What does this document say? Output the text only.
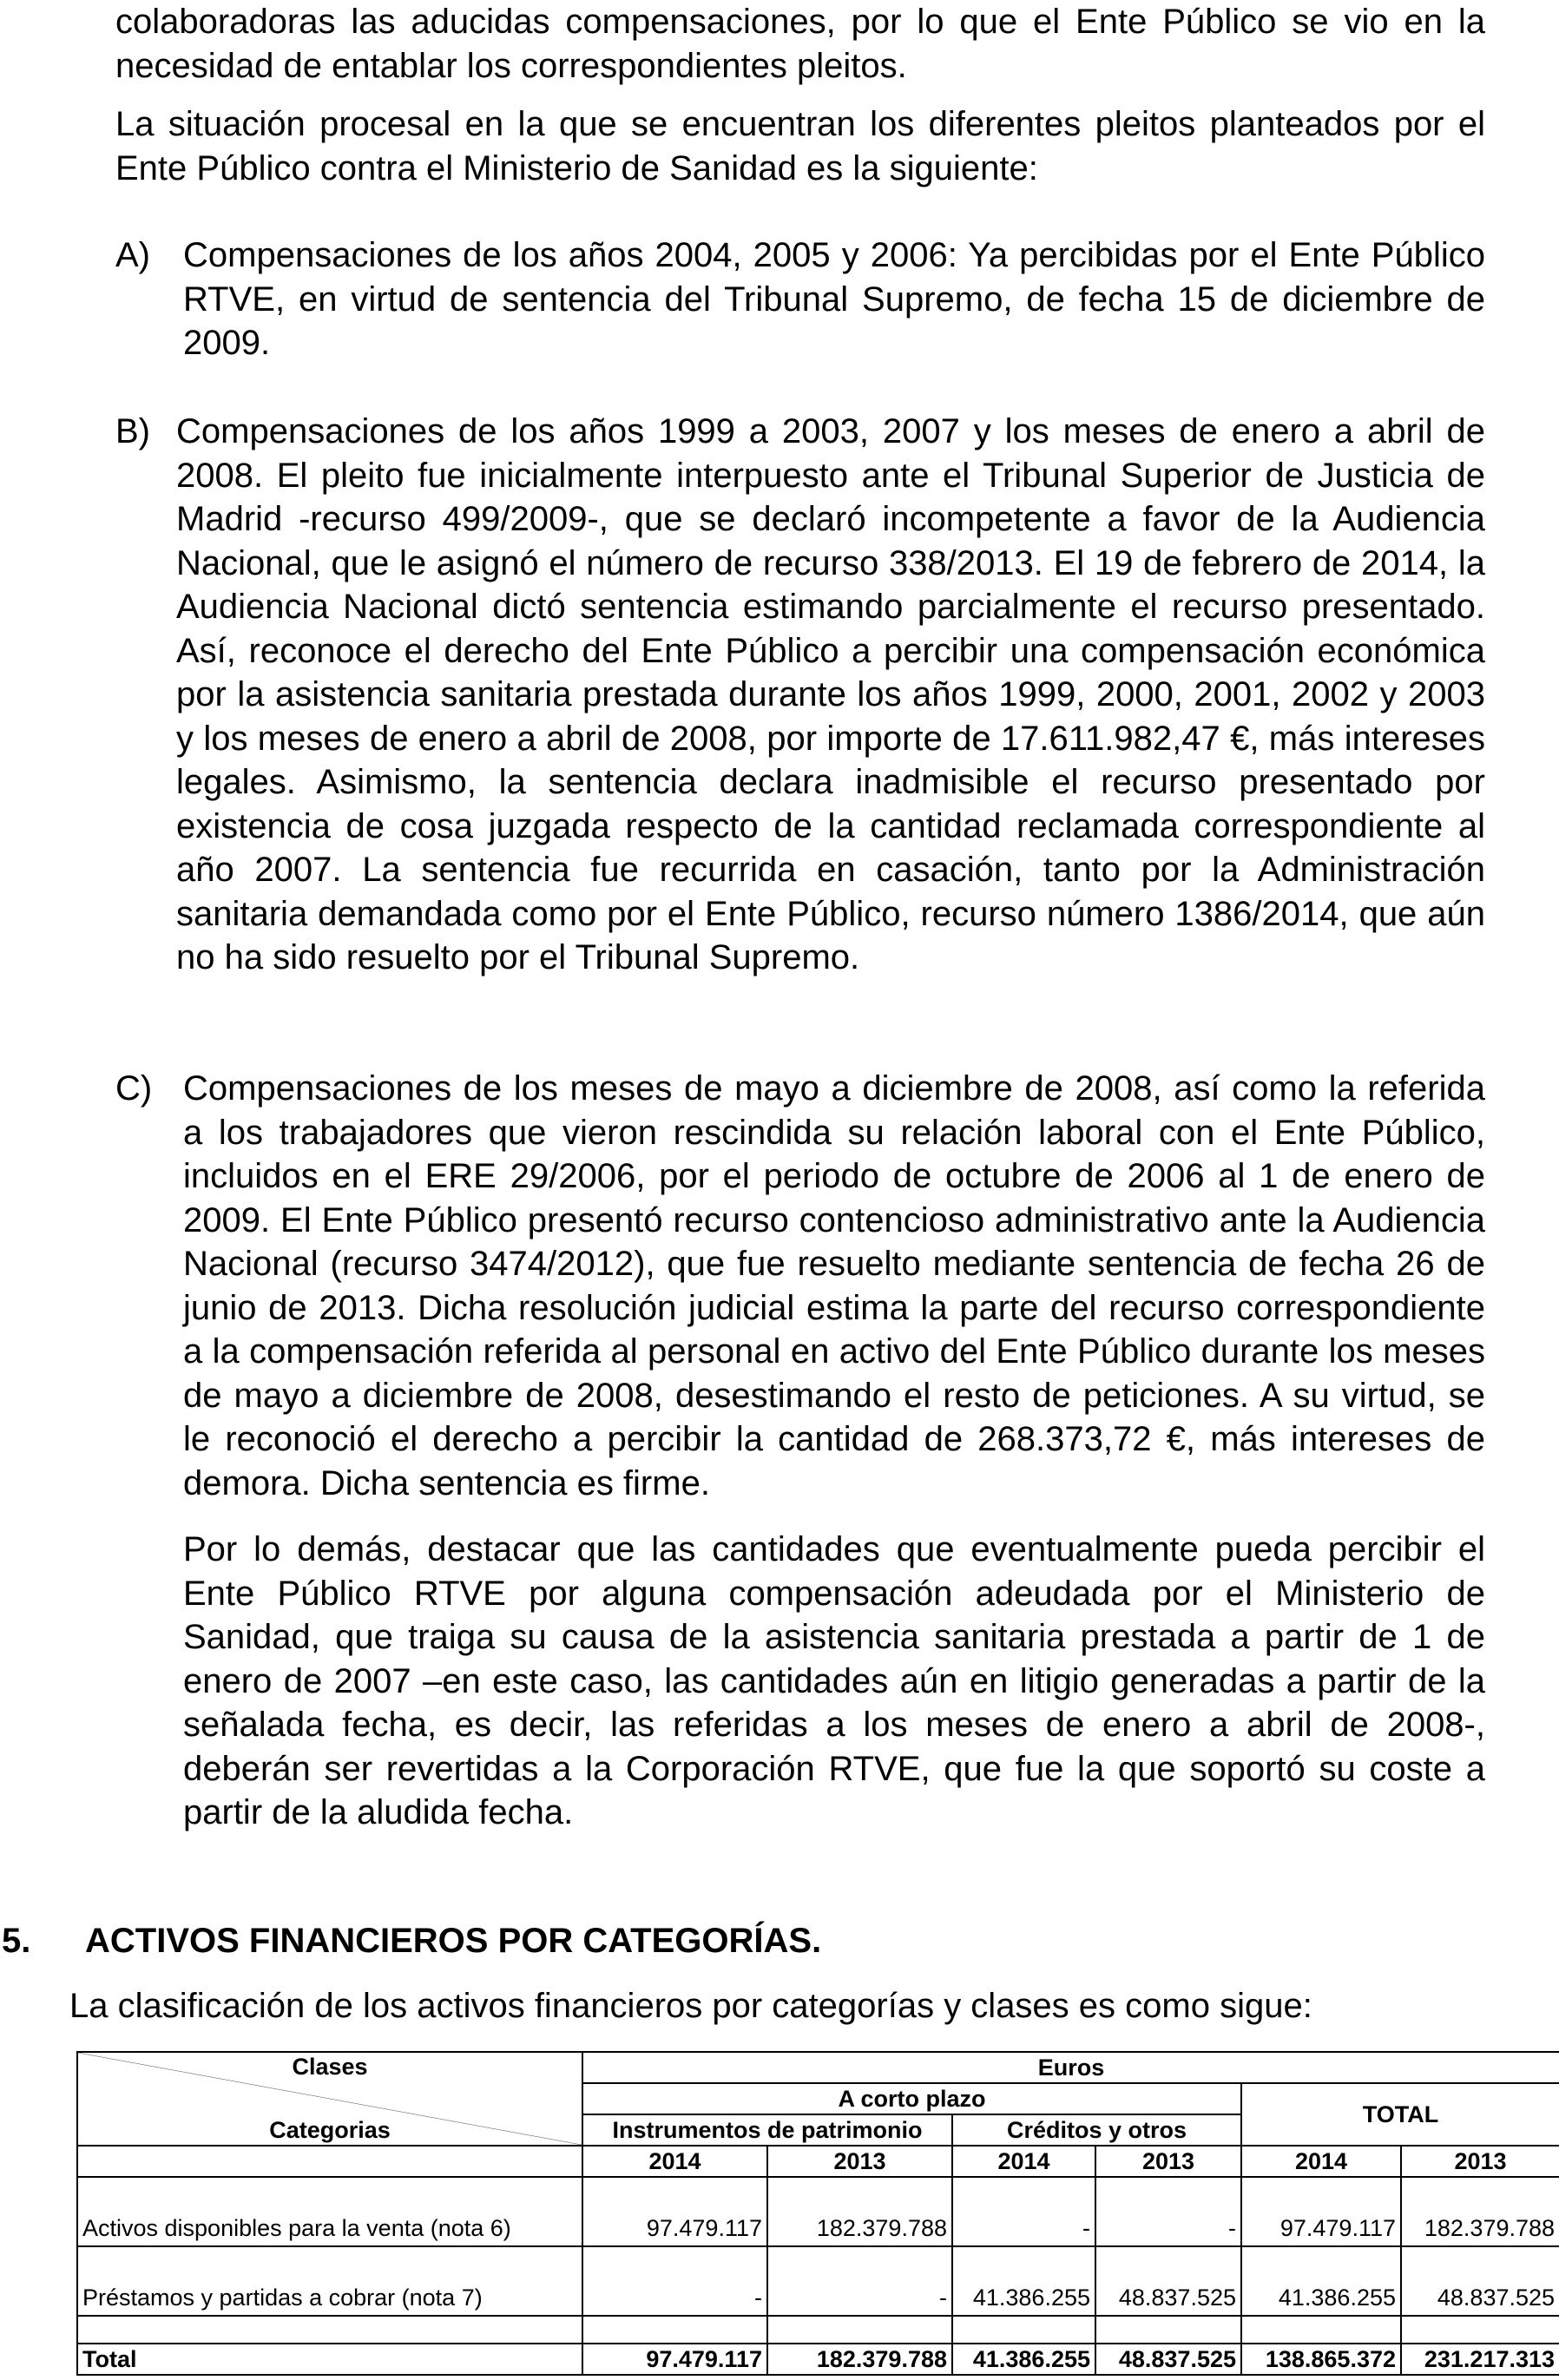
colaboradoras las aducidas compensaciones, por lo que el Ente Público se vio en la necesidad de entablar los correspondientes pleitos.
La situación procesal en la que se encuentran los diferentes pleitos planteados por el Ente Público contra el Ministerio de Sanidad es la siguiente:
A) Compensaciones de los años 2004, 2005 y 2006: Ya percibidas por el Ente Público RTVE, en virtud de sentencia del Tribunal Supremo, de fecha 15 de diciembre de 2009.
B) Compensaciones de los años 1999 a 2003, 2007 y los meses de enero a abril de 2008. El pleito fue inicialmente interpuesto ante el Tribunal Superior de Justicia de Madrid -recurso 499/2009-, que se declaró incompetente a favor de la Audiencia Nacional, que le asignó el número de recurso 338/2013. El 19 de febrero de 2014, la Audiencia Nacional dictó sentencia estimando parcialmente el recurso presentado. Así, reconoce el derecho del Ente Público a percibir una compensación económica por la asistencia sanitaria prestada durante los años 1999, 2000, 2001, 2002 y 2003 y los meses de enero a abril de 2008, por importe de 17.611.982,47 €, más intereses legales. Asimismo, la sentencia declara inadmisible el recurso presentado por existencia de cosa juzgada respecto de la cantidad reclamada correspondiente al año 2007. La sentencia fue recurrida en casación, tanto por la Administración sanitaria demandada como por el Ente Público, recurso número 1386/2014, que aún no ha sido resuelto por el Tribunal Supremo.
C) Compensaciones de los meses de mayo a diciembre de 2008, así como la referida a los trabajadores que vieron rescindida su relación laboral con el Ente Público, incluidos en el ERE 29/2006, por el periodo de octubre de 2006 al 1 de enero de 2009. El Ente Público presentó recurso contencioso administrativo ante la Audiencia Nacional (recurso 3474/2012), que fue resuelto mediante sentencia de fecha 26 de junio de 2013. Dicha resolución judicial estima la parte del recurso correspondiente a la compensación referida al personal en activo del Ente Público durante los meses de mayo a diciembre de 2008, desestimando el resto de peticiones. A su virtud, se le reconoció el derecho a percibir la cantidad de 268.373,72 €, más intereses de demora. Dicha sentencia es firme.
Por lo demás, destacar que las cantidades que eventualmente pueda percibir el Ente Público RTVE por alguna compensación adeudada por el Ministerio de Sanidad, que traiga su causa de la asistencia sanitaria prestada a partir de 1 de enero de 2007 –en este caso, las cantidades aún en litigio generadas a partir de la señalada fecha, es decir, las referidas a los meses de enero a abril de 2008-, deberán ser revertidas a la Corporación RTVE, que fue la que soportó su coste a partir de la aludida fecha.
5. ACTIVOS FINANCIEROS POR CATEGORÍAS.
La clasificación de los activos financieros por categorías y clases es como sigue:
Clases
Categorias	Euros					
	A corto plazo				TOTAL	
	Instrumentos de patrimonio		Créditos y otros			
	2014	2013	2014	2013	2014	2013
Activos disponibles para la venta (nota 6)	97.479.117	182.379.788	-	-	97.479.117	182.379.788
Préstamos y partidas a cobrar (nota 7)	-	-	41.386.255	48.837.525	41.386.255	48.837.525

Total	97.479.117	182.379.788	41.386.255	48.837.525	138.865.372	231.217.313
